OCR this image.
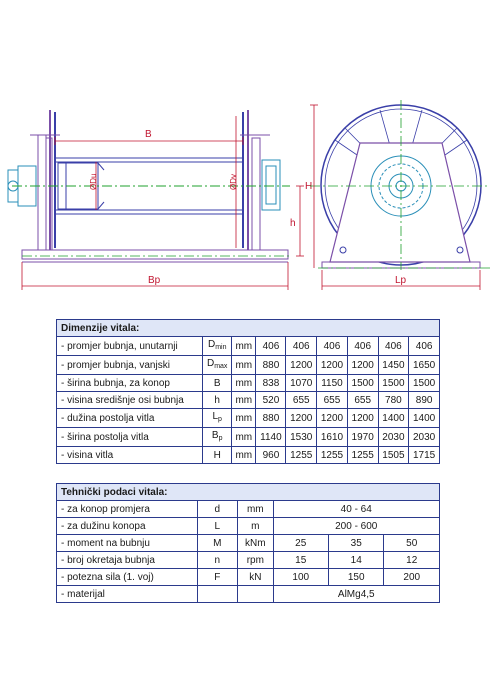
B
Bp	Lp
H
h
ØDu	ØDv
Dimenzije vitala:								
- promjer bubnja, unutarnji	$D_{min}$	mm	406	406	406	406	406	406
- promjer bubnja, vanjski	$D_{max}$	mm	880	1200	1200	1200	1450	1650
- širina bubnja, za konop	B	mm	838	1070	1150	1500	1500	1500
- visina središnje osi bubnja	h	mm	520	655	655	655	780	890
- dužina postolja vitla	$L_p$	mm	880	1200	1200	1200	1400	1400
- širina postolja vitla	$B_p$	mm	1140	1530	1610	1970	2030	2030
- visina vitla	H	mm	960	1255	1255	1255	1505	1715
Tehnički podaci vitala:					
- za konop promjera	d	mm	40 - 64		
- za dužinu konopa	L	m	200 - 600		
- moment na bubnju	M	kNm	25	35	50
- broj okretaja bubnja	n	rpm	15	14	12
- potezna sila (1. voj)	F	kN	100	150	200
- materijal			AlMg4,5		
